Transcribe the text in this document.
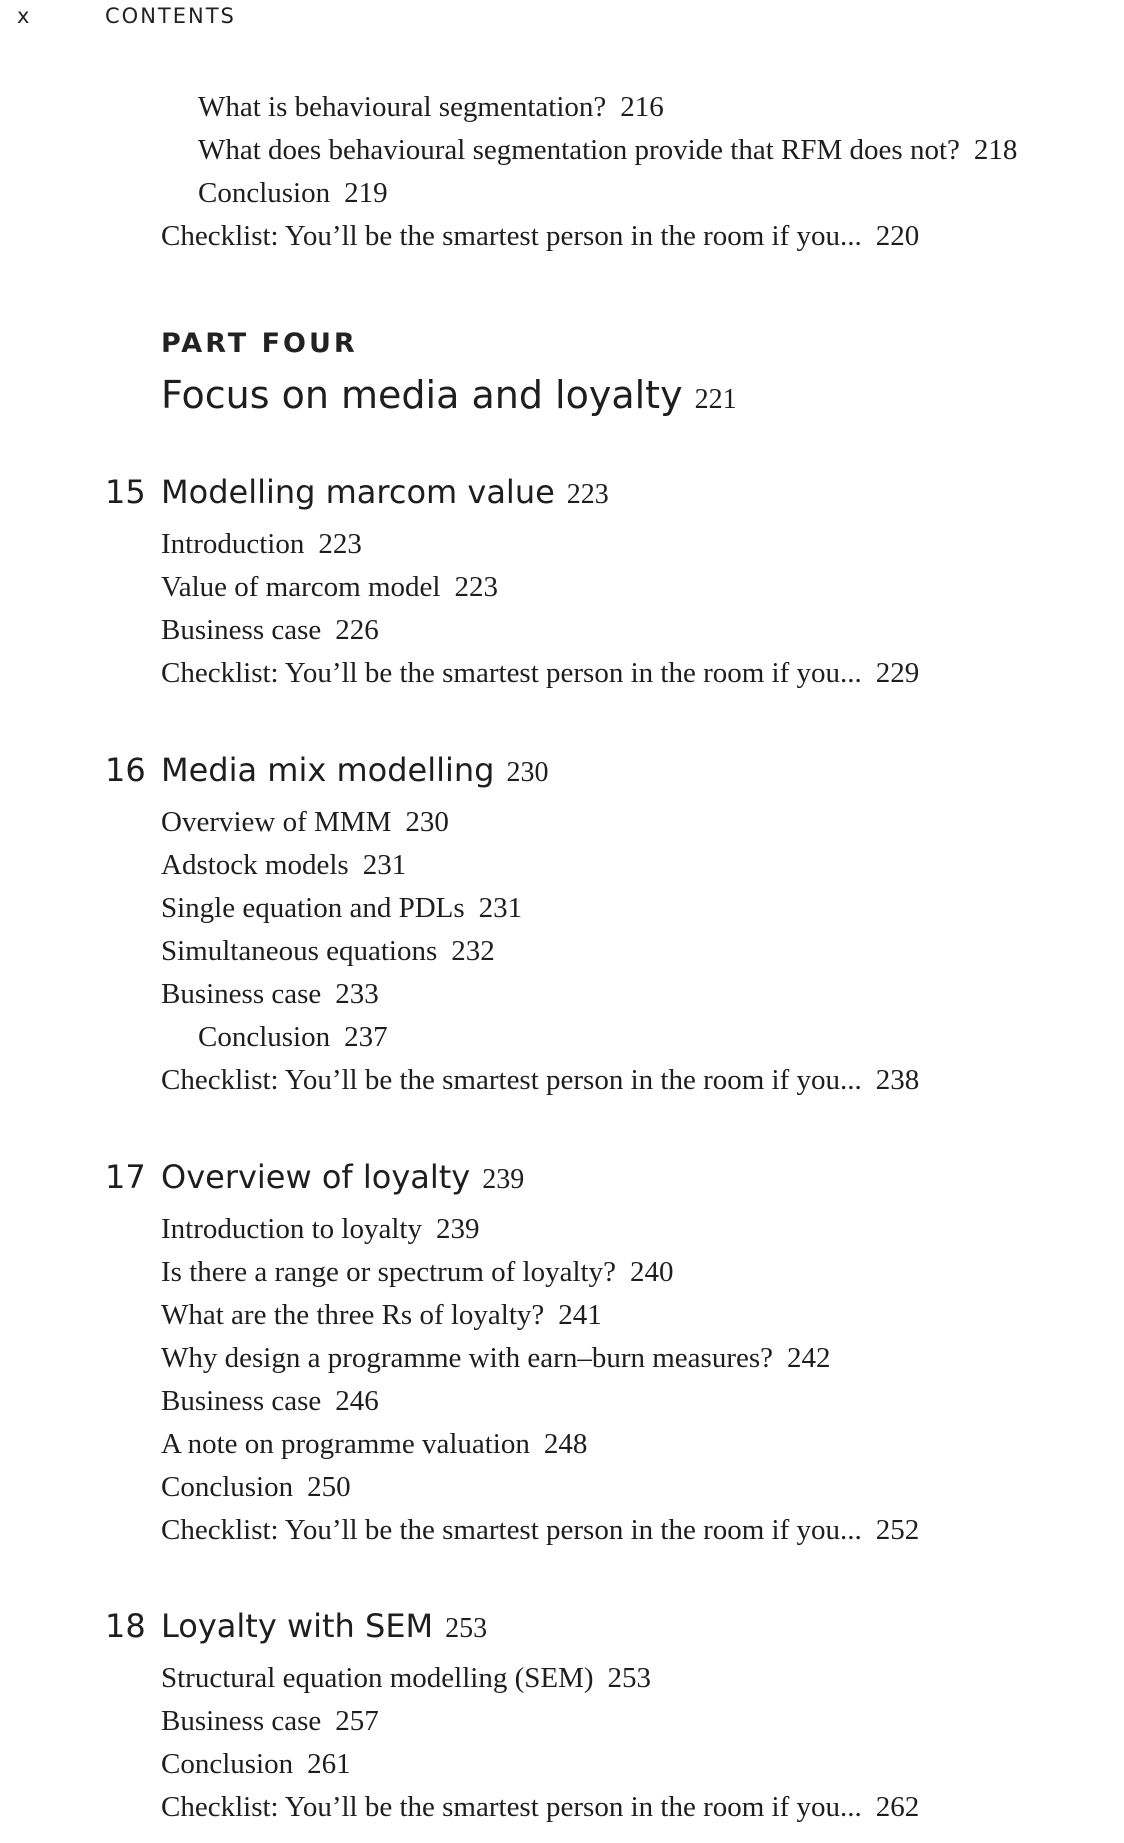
x	CONTENTS
What is behavioural segmentation? 216
What does behavioural segmentation provide that RFM does not? 218
Conclusion 219
Checklist: You’ll be the smartest person in the room if you... 220
PART FOUR
Focus on media and loyalty 221
15 Modelling marcom value 223
Introduction 223
Value of marcom model 223
Business case 226
Checklist: You’ll be the smartest person in the room if you... 229
16 Media mix modelling 230
Overview of MMM 230
Adstock models 231
Single equation and PDLs 231
Simultaneous equations 232
Business case 233
Conclusion 237
Checklist: You’ll be the smartest person in the room if you... 238
17 Overview of loyalty 239
Introduction to loyalty 239
Is there a range or spectrum of loyalty? 240
What are the three Rs of loyalty? 241
Why design a programme with earn–burn measures? 242
Business case 246
A note on programme valuation 248
Conclusion 250
Checklist: You’ll be the smartest person in the room if you... 252
18 Loyalty with SEM 253
Structural equation modelling (SEM) 253
Business case 257
Conclusion 261
Checklist: You’ll be the smartest person in the room if you... 262
